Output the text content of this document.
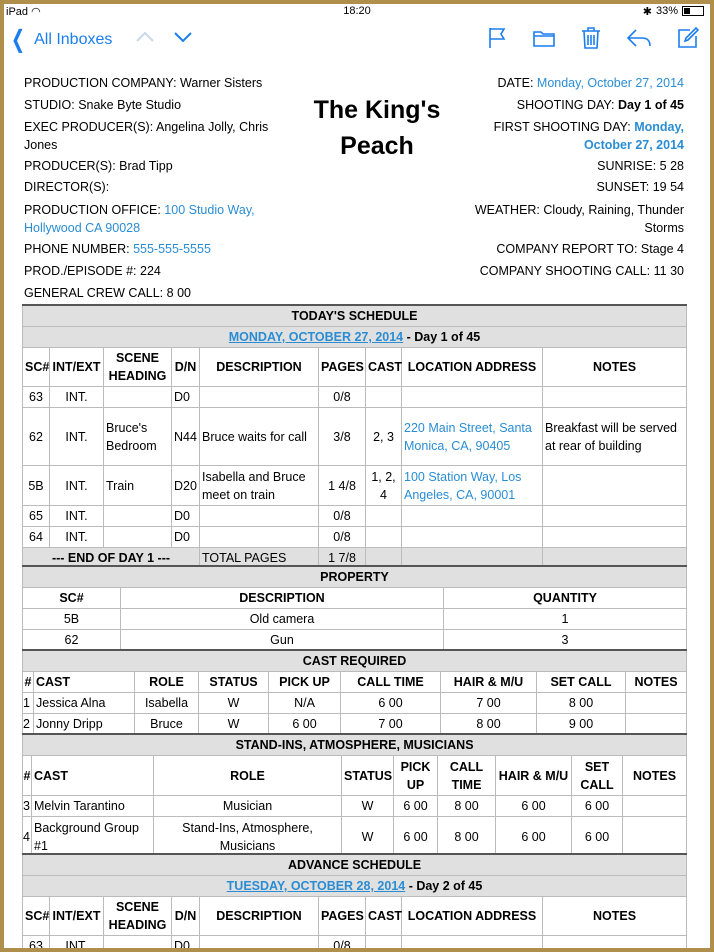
iPad ◠	18:20	✱ 33%
❮ All Inboxes
PRODUCTION COMPANY: Warner Sisters
STUDIO: Snake Byte Studio
EXEC PRODUCER(S): Angelina Jolly, Chris Jones
PRODUCER(S): Brad Tipp
DIRECTOR(S):
PRODUCTION OFFICE: 100 Studio Way, Hollywood CA 90028
PHONE NUMBER: 555-555-5555
PROD./EPISODE #: 224
GENERAL CREW CALL: 8 00
The King's Peach
DATE: Monday, October 27, 2014
SHOOTING DAY: Day 1 of 45
FIRST SHOOTING DAY: Monday, October 27, 2014
SUNRISE: 5 28
SUNSET: 19 54
WEATHER: Cloudy, Raining, Thunder Storms
COMPANY REPORT TO: Stage 4
COMPANY SHOOTING CALL: 11 30
TODAY'S SCHEDULE								
MONDAY, OCTOBER 27, 2014 - Day 1 of 45								
SC#	INT/EXT	SCENE HEADING	D/N	DESCRIPTION	PAGES	CAST	LOCATION ADDRESS	NOTES
63	INT.		D0		0/8			
62	INT.	Bruce's Bedroom	N44	Bruce waits for call	3/8	2, 3	220 Main Street, Santa Monica, CA, 90405	Breakfast will be served at rear of building
5B	INT.	Train	D20	Isabella and Bruce meet on train	1 4/8	1, 2, 4	100 Station Way, Los Angeles, CA, 90001	
65	INT.		D0		0/8			
64	INT.		D0		0/8			
--- END OF DAY 1 ---				TOTAL PAGES	1 7/8			
PROPERTY		
SC#	DESCRIPTION	QUANTITY
5B	Old camera	1
62	Gun	3
CAST REQUIRED								
#	CAST	ROLE	STATUS	PICK UP	CALL TIME	HAIR & M/U	SET CALL	NOTES
1	Jessica Alna	Isabella	W	N/A	6 00	7 00	8 00	
2	Jonny Dripp	Bruce	W	6 00	7 00	8 00	9 00	
STAND-INS, ATMOSPHERE, MUSICIANS								
#	CAST	ROLE	STATUS	PICK UP	CALL TIME	HAIR & M/U	SET CALL	NOTES
3	Melvin Tarantino	Musician	W	6 00	8 00	6 00	6 00	
4	Background Group #1	Stand-Ins, Atmosphere, Musicians	W	6 00	8 00	6 00	6 00	
ADVANCE SCHEDULE								
TUESDAY, OCTOBER 28, 2014 - Day 2 of 45								
SC#	INT/EXT	SCENE HEADING	D/N	DESCRIPTION	PAGES	CAST	LOCATION ADDRESS	NOTES
63	INT.		D0		0/8			
